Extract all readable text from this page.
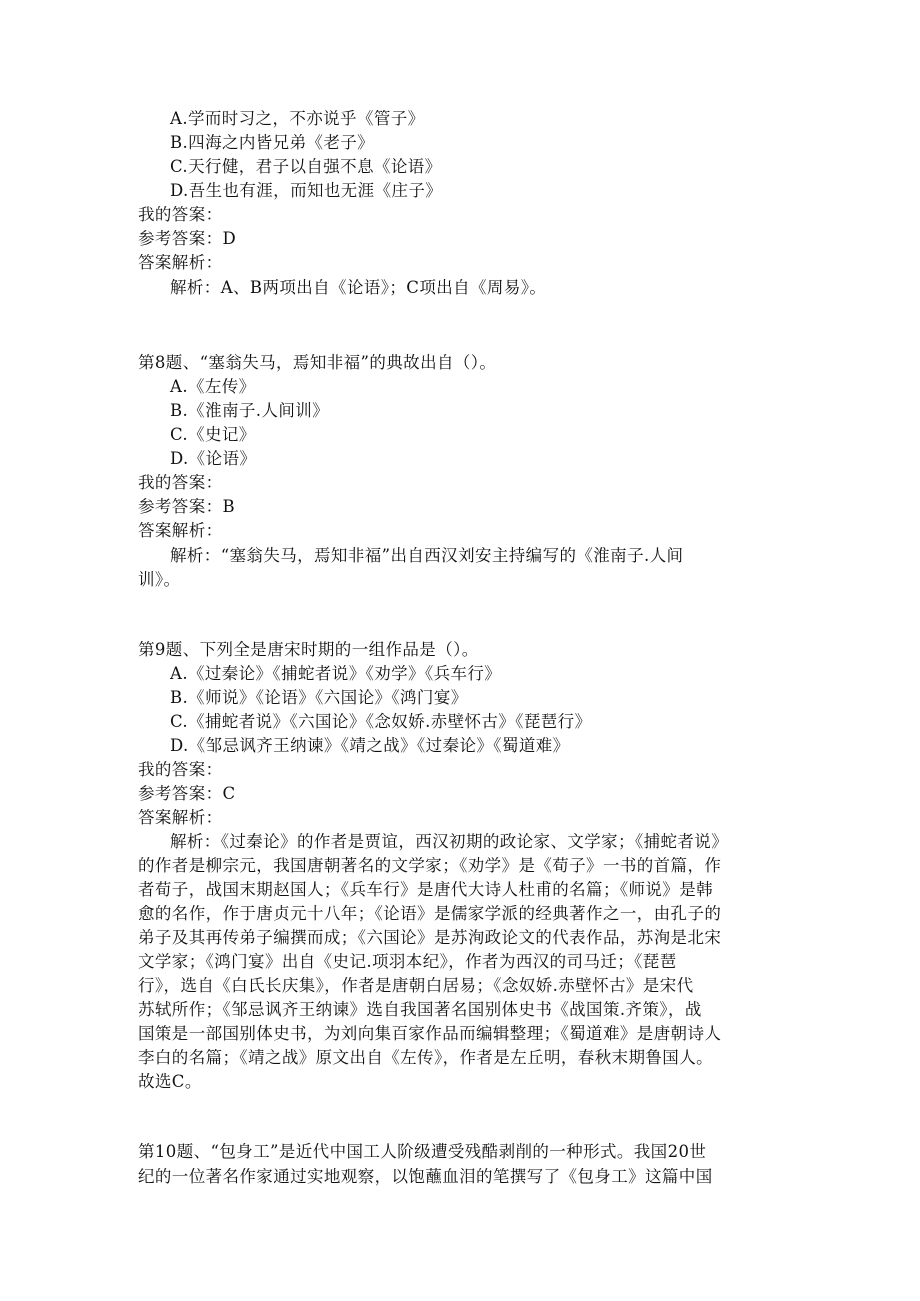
A.学而时习之，不亦说乎《管子》
B.四海之内皆兄弟《老子》
C.天行健，君子以自强不息《论语》
D.吾生也有涯，而知也无涯《庄子》
我的答案：
参考答案：D
答案解析：
解析：A、B两项出自《论语》；C项出自《周易》。
第8题、“塞翁失马，焉知非福”的典故出自（）。
A.《左传》
B.《淮南子.人间训》
C.《史记》
D.《论语》
我的答案：
参考答案：B
答案解析：
解析：“塞翁失马，焉知非福”出自西汉刘安主持编写的《淮南子.人间
训》。
第9题、下列全是唐宋时期的一组作品是（）。
A.《过秦论》《捕蛇者说》《劝学》《兵车行》
B.《师说》《论语》《六国论》《鸿门宴》
C.《捕蛇者说》《六国论》《念奴娇.赤壁怀古》《琵琶行》
D.《邹忌讽齐王纳谏》《靖之战》《过秦论》《蜀道难》
我的答案：
参考答案：C
答案解析：
解析：《过秦论》的作者是贾谊，西汉初期的政论家、文学家；《捕蛇者说》
的作者是柳宗元，我国唐朝著名的文学家；《劝学》是《荀子》一书的首篇，作
者荀子，战国末期赵国人；《兵车行》是唐代大诗人杜甫的名篇；《师说》是韩
愈的名作，作于唐贞元十八年；《论语》是儒家学派的经典著作之一，由孔子的
弟子及其再传弟子编撰而成；《六国论》是苏洵政论文的代表作品，苏洵是北宋
文学家；《鸿门宴》出自《史记.项羽本纪》，作者为西汉的司马迁；《琵琶
行》，选自《白氏长庆集》，作者是唐朝白居易；《念奴娇.赤壁怀古》是宋代
苏轼所作；《邹忌讽齐王纳谏》选自我国著名国别体史书《战国策.齐策》，战
国策是一部国别体史书，为刘向集百家作品而编辑整理；《蜀道难》是唐朝诗人
李白的名篇；《靖之战》原文出自《左传》，作者是左丘明，春秋末期鲁国人。
故选C。
第10题、“包身工”是近代中国工人阶级遭受残酷剥削的一种形式。我国20世
纪的一位著名作家通过实地观察，以饱蘸血泪的笔撰写了《包身工》这篇中国
